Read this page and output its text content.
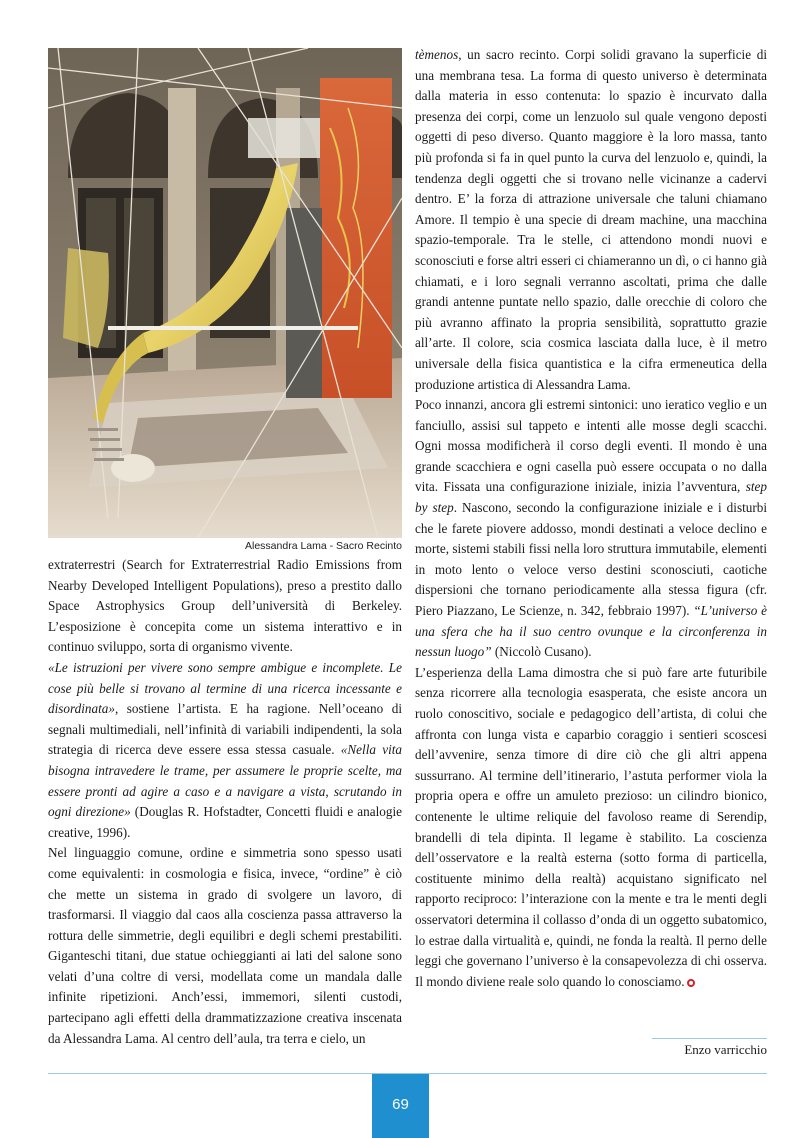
Alessandra Lama - Sacro Recinto

extraterrestri (Search for Extraterrestrial Radio Emissions from Nearby Developed Intelligent Populations), preso a prestito dallo Space Astrophysics Group dell’università di Berkeley. L’esposizione è concepita come un sistema interattivo e in continuo sviluppo, sorta di organismo vivente.

«Le istruzioni per vivere sono sempre ambigue e incomplete. Le cose più belle si trovano al termine di una ricerca incessante e disordinata», sostiene l’artista. E ha ragione. Nell’oceano di segnali multimediali, nell’infinità di variabili indipendenti, la sola strategia di ricerca deve essere essa stessa casuale. «Nella vita bisogna intravedere le trame, per assumere le proprie scelte, ma essere pronti ad agire a caso e a navigare a vista, scrutando in ogni direzione» (Douglas R. Hofstadter, Concetti fluidi e analogie creative, 1996).

Nel linguaggio comune, ordine e simmetria sono spesso usati come equivalenti: in cosmologia e fisica, invece, “ordine” è ciò che mette un sistema in grado di svolgere un lavoro, di trasformarsi. Il viaggio dal caos alla coscienza passa attraverso la rottura delle simmetrie, degli equilibri e degli schemi prestabiliti. Giganteschi titani, due statue ochieggianti ai lati del salone sono velati d’una coltre di versi, modellata come un mandala dalle infinite ripetizioni. Anch’essi, immemori, silenti custodi, partecipano agli effetti della drammatizzazione creativa inscenata da Alessandra Lama. Al centro dell’aula, tra terra e cielo, un

tèmenos, un sacro recinto. Corpi solidi gravano la superficie di una membrana tesa. La forma di questo universo è determinata dalla materia in esso contenuta: lo spazio è incurvato dalla presenza dei corpi, come un lenzuolo sul quale vengono deposti oggetti di peso diverso. Quanto maggiore è la loro massa, tanto più profonda si fa in quel punto la curva del lenzuolo e, quindi, la tendenza degli oggetti che si trovano nelle vicinanze a cadervi dentro. E’ la forza di attrazione universale che taluni chiamano Amore. Il tempio è una specie di dream machine, una macchina spazio-temporale. Tra le stelle, ci attendono mondi nuovi e sconosciuti e forse altri esseri ci chiameranno un dì, o ci hanno già chiamati, e i loro segnali verranno ascoltati, prima che dalle grandi antenne puntate nello spazio, dalle orecchie di coloro che più avranno affinato la propria sensibilità, soprattutto grazie all’arte. Il colore, scia cosmica lasciata dalla luce, è il metro universale della fisica quantistica e la cifra ermeneutica della produzione artistica di Alessandra Lama.

Poco innanzi, ancora gli estremi sintonici: uno ieratico veglio e un fanciullo, assisi sul tappeto e intenti alle mosse degli scacchi. Ogni mossa modificherà il corso degli eventi. Il mondo è una grande scacchiera e ogni casella può essere occupata o no dalla vita. Fissata una configurazione iniziale, inizia l’avventura, step by step. Nascono, secondo la configurazione iniziale e i disturbi che le farete piovere addosso, mondi destinati a veloce declino e morte, sistemi stabili fissi nella loro struttura immutabile, elementi in moto lento o veloce verso destini sconosciuti, caotiche dispersioni che tornano periodicamente alla stessa figura (cfr. Piero Piazzano, Le Scienze, n. 342, febbraio 1997). “L’universo è una sfera che ha il suo centro ovunque e la circonferenza in nessun luogo” (Niccolò Cusano).

L’esperienza della Lama dimostra che si può fare arte futuribile senza ricorrere alla tecnologia esasperata, che esiste ancora un ruolo conoscitivo, sociale e pedagogico dell’artista, di colui che affronta con lunga vista e caparbio coraggio i sentieri scoscesi dell’avvenire, senza timore di dire ciò che gli altri appena sussurrano. Al termine dell’itinerario, l’astuta performer viola la propria opera e offre un amuleto prezioso: un cilindro bionico, contenente le ultime reliquie del favoloso reame di Serendip, brandelli di tela dipinta. Il legame è stabilito. La coscienza dell’osservatore e la realtà esterna (sotto forma di particella, costituente minimo della realtà) acquistano significato nel rapporto reciproco: l’interazione con la mente e tra le menti degli osservatori determina il collasso d’onda di un oggetto subatomico, lo estrae dalla virtualità e, quindi, ne fonda la realtà. Il perno delle leggi che governano l’universo è la consapevolezza di chi osserva. Il mondo diviene reale solo quando lo conosciamo.

Enzo varricchio
69
